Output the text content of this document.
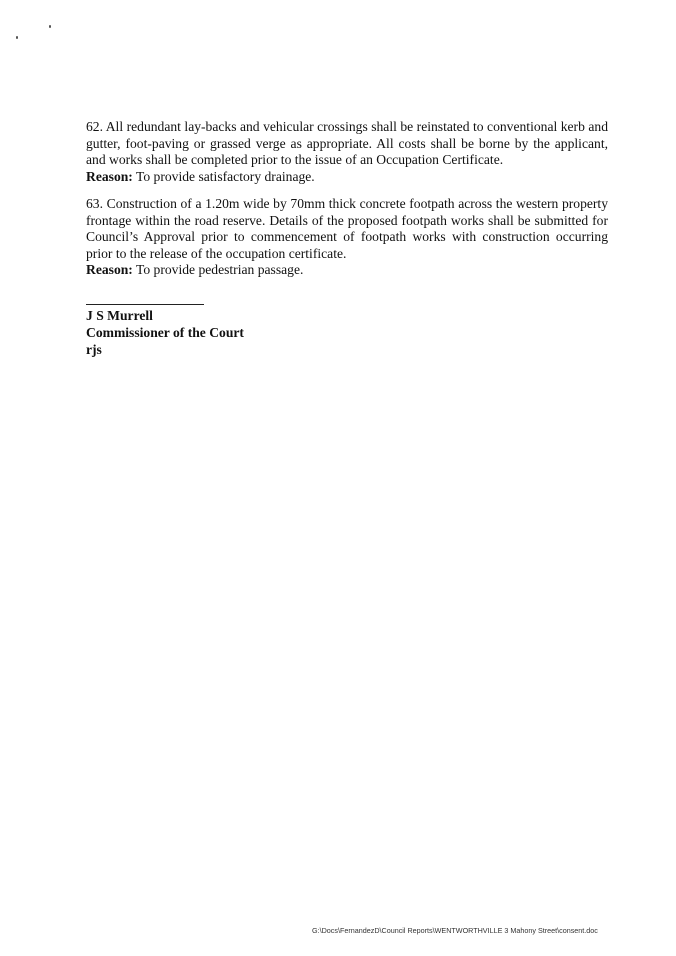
62. All redundant lay-backs and vehicular crossings shall be reinstated to conventional kerb and gutter, foot-paving or grassed verge as appropriate. All costs shall be borne by the applicant, and works shall be completed prior to the issue of an Occupation Certificate.

Reason: To provide satisfactory drainage.

63. Construction of a 1.20m wide by 70mm thick concrete footpath across the western property frontage within the road reserve. Details of the proposed footpath works shall be submitted for Council’s Approval prior to commencement of footpath works with construction occurring prior to the release of the occupation certificate.

Reason: To provide pedestrian passage.

J S Murrell
Commissioner of the Court
rjs
G:\Docs\FernandezD\Council Reports\WENTWORTHVILLE 3 Mahony Street\consent.doc
